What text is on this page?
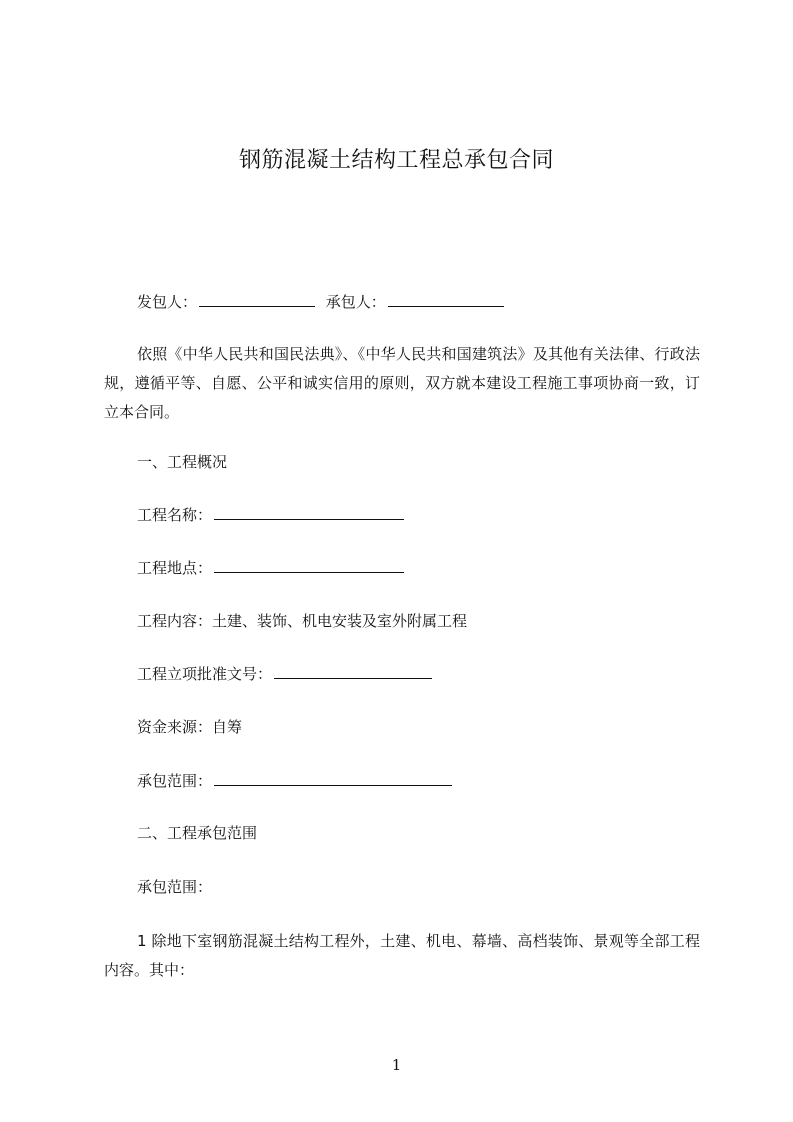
钢筋混凝土结构工程总承包合同
发包人：	承包人：
依照《中华人民共和国民法典》、《中华人民共和国建筑法》及其他有关法律、行政法规，遵循平等、自愿、公平和诚实信用的原则，双方就本建设工程施工事项协商一致，订立本合同。
一、工程概况
工程名称：
工程地点：
工程内容：土建、装饰、机电安装及室外附属工程
工程立项批准文号：
资金来源：自筹
承包范围：
二、工程承包范围
承包范围：
1 除地下室钢筋混凝土结构工程外，土建、机电、幕墙、高档装饰、景观等全部工程内容。其中：
1
